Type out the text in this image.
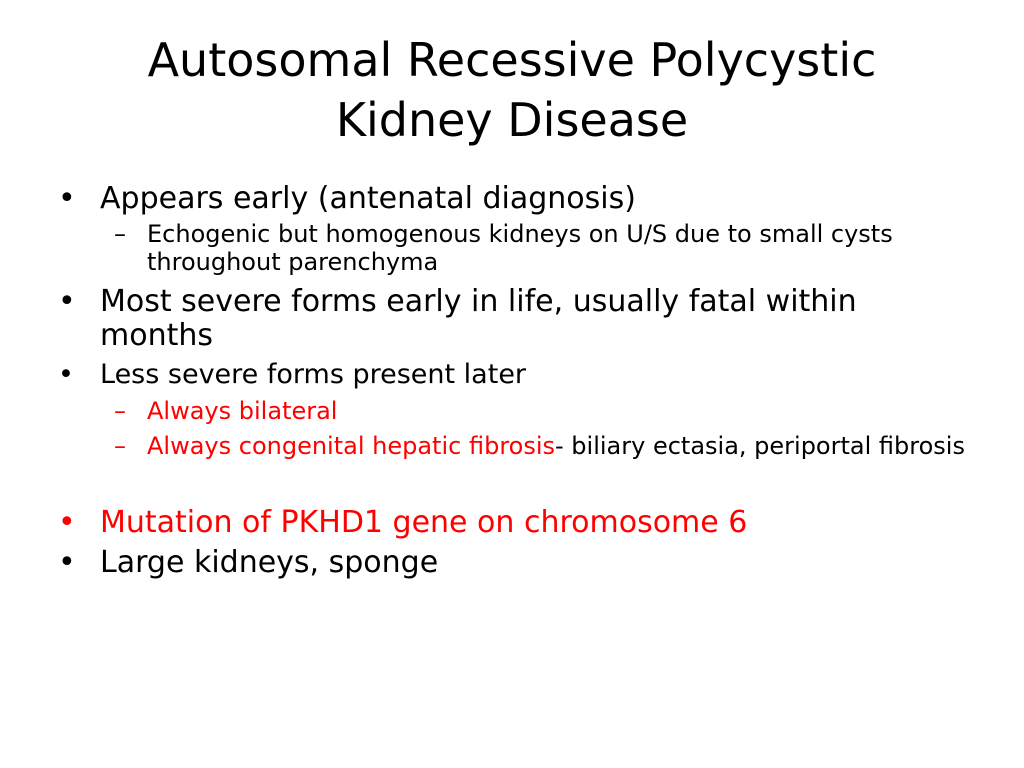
Autosomal Recessive Polycystic
Kidney Disease
• Appears early (antenatal diagnosis)
– Echogenic but homogenous kidneys on U/S due to small cysts throughout parenchyma
• Most severe forms early in life, usually fatal within months
• Less severe forms present later
– Always bilateral
– Always congenital hepatic fibrosis- biliary ectasia, periportal fibrosis
• Mutation of PKHD1 gene on chromosome 6
• Large kidneys, sponge
